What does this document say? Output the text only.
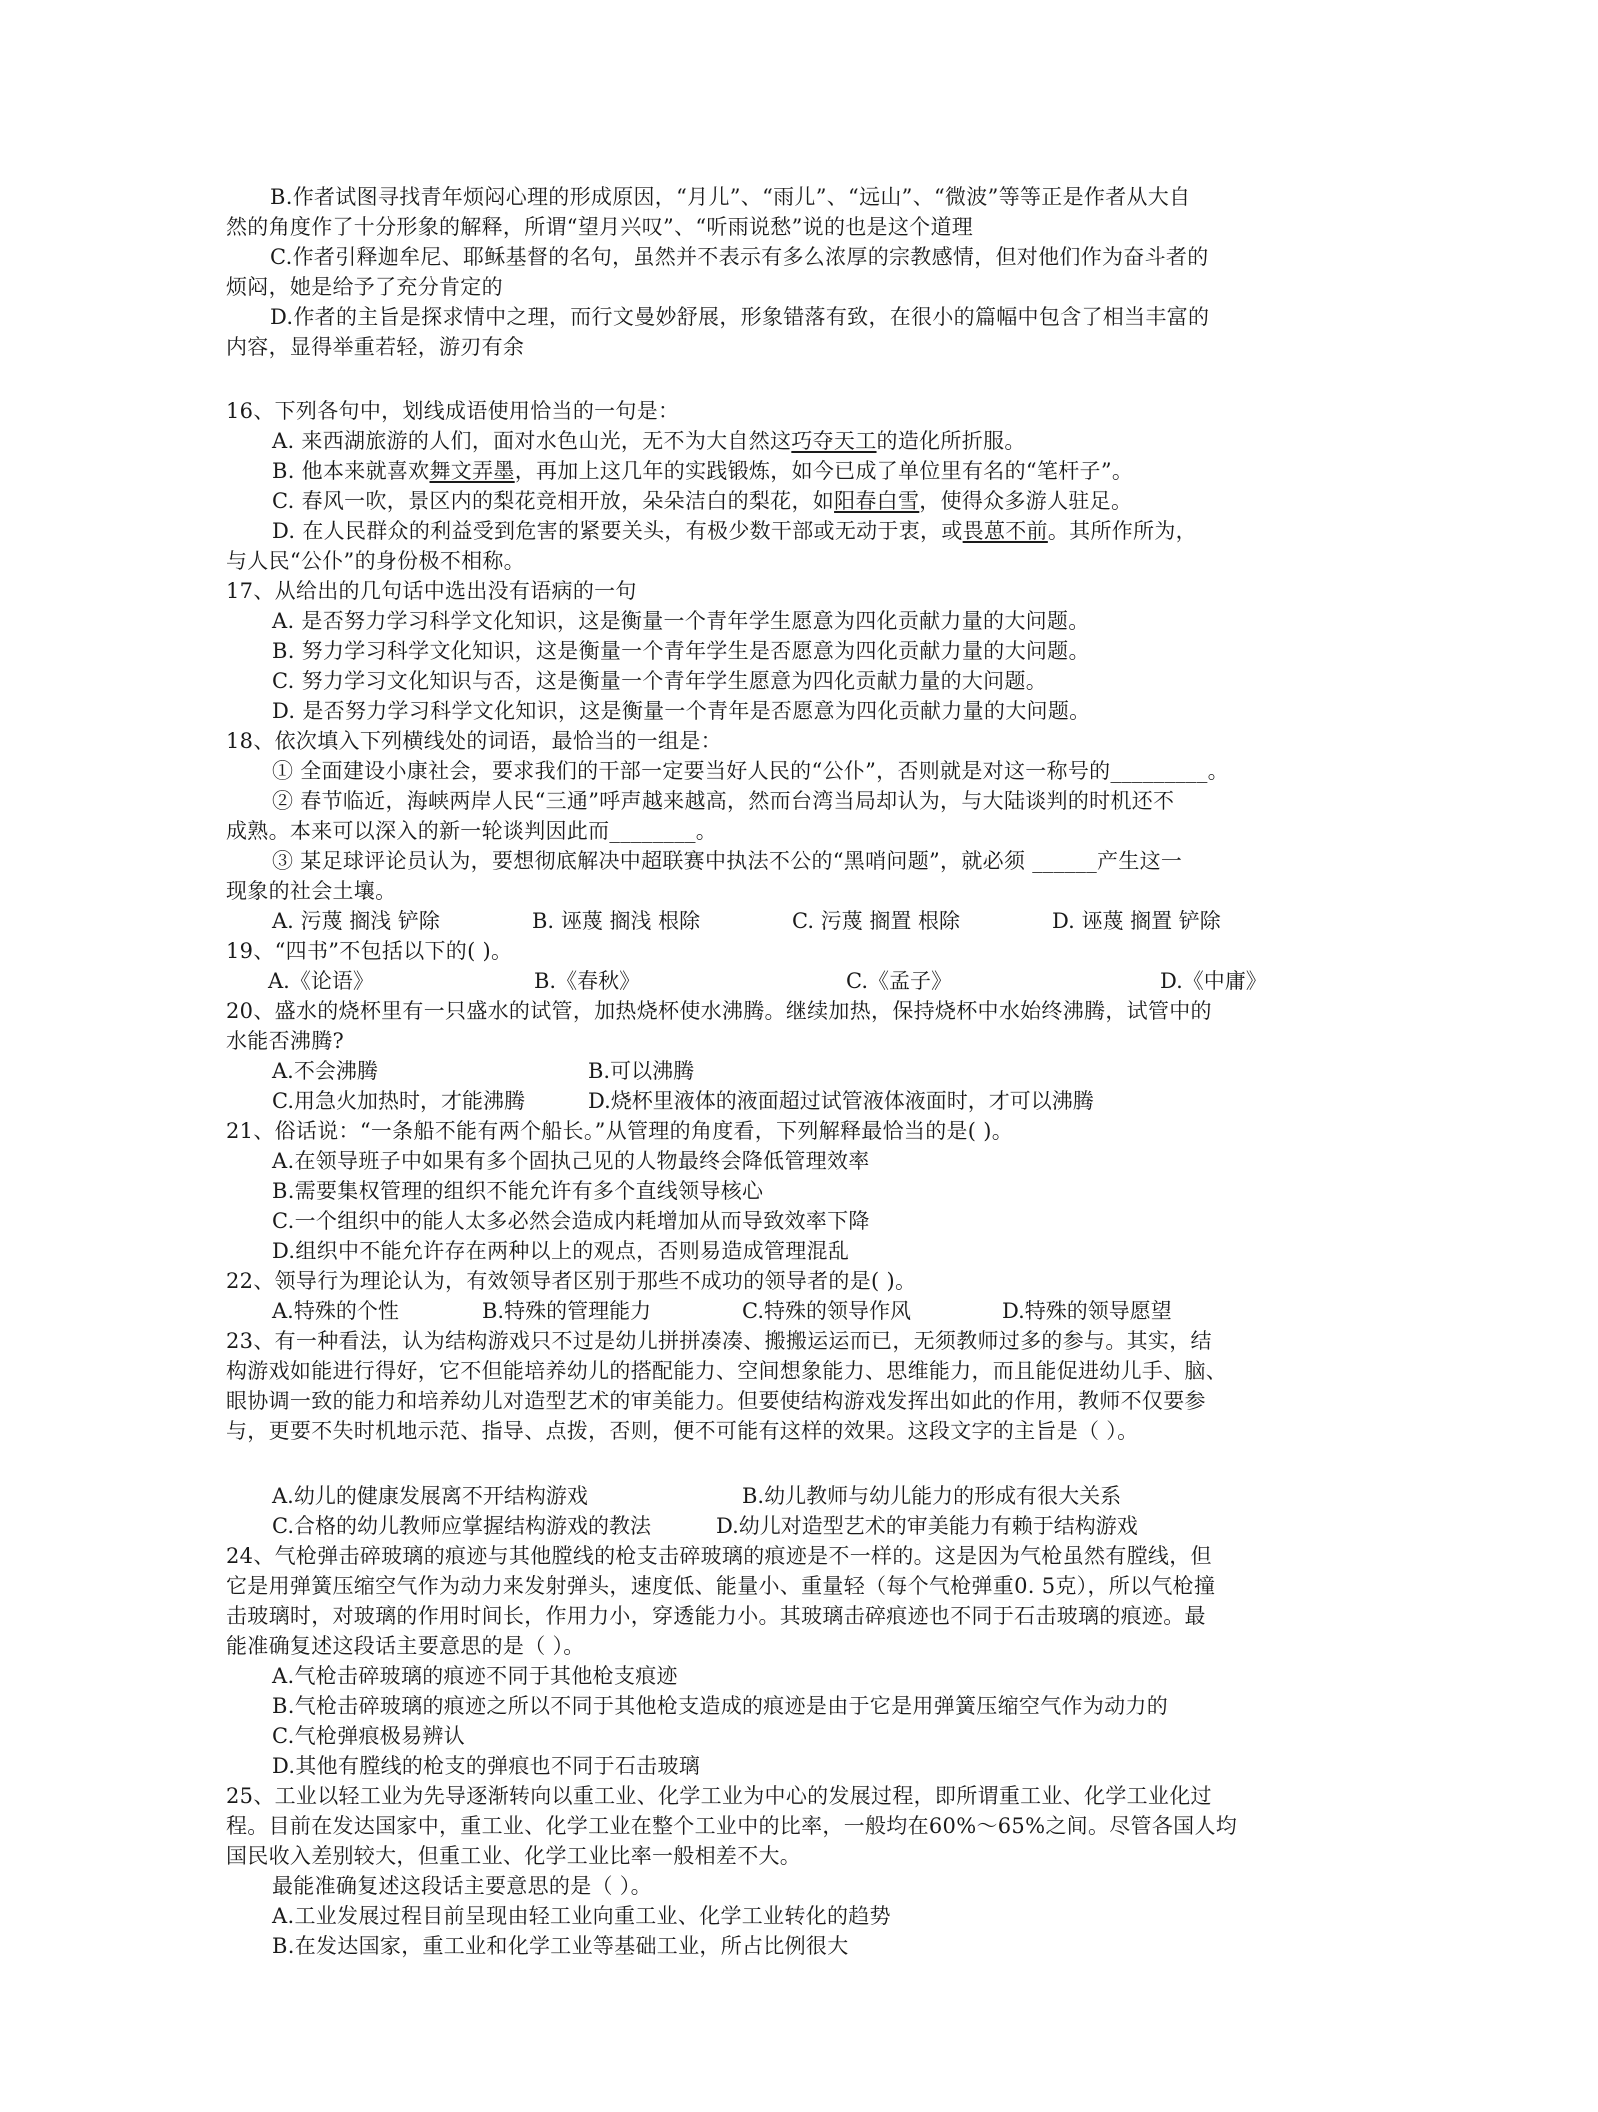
B.作者试图寻找青年烦闷心理的形成原因，“月儿”、“雨儿”、“远山”、“微波”等等正是作者从大自
然的角度作了十分形象的解释，所谓“望月兴叹”、“听雨说愁”说的也是这个道理
C.作者引释迦牟尼、耶稣基督的名句，虽然并不表示有多么浓厚的宗教感情，但对他们作为奋斗者的
烦闷，她是给予了充分肯定的
D.作者的主旨是探求情中之理，而行文曼妙舒展，形象错落有致，在很小的篇幅中包含了相当丰富的
内容，显得举重若轻，游刃有余
16、下列各句中，划线成语使用恰当的一句是：
A. 来西湖旅游的人们，面对水色山光，无不为大自然这巧夺天工的造化所折服。
B. 他本来就喜欢舞文弄墨，再加上这几年的实践锻炼，如今已成了单位里有名的“笔杆子”。
C. 春风一吹，景区内的梨花竞相开放，朵朵洁白的梨花，如阳春白雪，使得众多游人驻足。
D. 在人民群众的利益受到危害的紧要关头，有极少数干部或无动于衷，或畏葸不前。其所作所为，
与人民“公仆”的身份极不相称。
17、从给出的几句话中选出没有语病的一句
A. 是否努力学习科学文化知识，这是衡量一个青年学生愿意为四化贡献力量的大问题。
B. 努力学习科学文化知识，这是衡量一个青年学生是否愿意为四化贡献力量的大问题。
C. 努力学习文化知识与否，这是衡量一个青年学生愿意为四化贡献力量的大问题。
D. 是否努力学习科学文化知识，这是衡量一个青年是否愿意为四化贡献力量的大问题。
18、依次填入下列横线处的词语，最恰当的一组是：
① 全面建设小康社会，要求我们的干部一定要当好人民的“公仆”，否则就是对这一称号的_________。
② 春节临近，海峡两岸人民“三通”呼声越来越高，然而台湾当局却认为，与大陆谈判的时机还不
成熟。本来可以深入的新一轮谈判因此而________。
③ 某足球评论员认为，要想彻底解决中超联赛中执法不公的“黑哨问题”，就必须 ______产生这一
现象的社会土壤。
A. 污蔑 搁浅 铲除	B. 诬蔑 搁浅 根除	C. 污蔑 搁置 根除	D. 诬蔑 搁置 铲除
19、“四书”不包括以下的( )。
A.《论语》	B.《春秋》	C.《孟子》	D.《中庸》
20、盛水的烧杯里有一只盛水的试管，加热烧杯使水沸腾。继续加热，保持烧杯中水始终沸腾，试管中的
水能否沸腾?
A.不会沸腾	B.可以沸腾
C.用急火加热时，才能沸腾	D.烧杯里液体的液面超过试管液体液面时，才可以沸腾
21、俗话说：“一条船不能有两个船长。”从管理的角度看，下列解释最恰当的是( )。
A.在领导班子中如果有多个固执己见的人物最终会降低管理效率
B.需要集权管理的组织不能允许有多个直线领导核心
C.一个组织中的能人太多必然会造成内耗增加从而导致效率下降
D.组织中不能允许存在两种以上的观点，否则易造成管理混乱
22、领导行为理论认为，有效领导者区别于那些不成功的领导者的是( )。
A.特殊的个性	B.特殊的管理能力	C.特殊的领导作风	D.特殊的领导愿望
23、有一种看法，认为结构游戏只不过是幼儿拼拼凑凑、搬搬运运而已，无须教师过多的参与。其实，结
构游戏如能进行得好，它不但能培养幼儿的搭配能力、空间想象能力、思维能力，而且能促进幼儿手、脑、
眼协调一致的能力和培养幼儿对造型艺术的审美能力。但要使结构游戏发挥出如此的作用，教师不仅要参
与，更要不失时机地示范、指导、点拨，否则，便不可能有这样的效果。这段文字的主旨是（ ）。
A.幼儿的健康发展离不开结构游戏	B.幼儿教师与幼儿能力的形成有很大关系
C.合格的幼儿教师应掌握结构游戏的教法	D.幼儿对造型艺术的审美能力有赖于结构游戏
24、气枪弹击碎玻璃的痕迹与其他膛线的枪支击碎玻璃的痕迹是不一样的。这是因为气枪虽然有膛线，但
它是用弹簧压缩空气作为动力来发射弹头，速度低、能量小、重量轻（每个气枪弹重0. 5克），所以气枪撞
击玻璃时，对玻璃的作用时间长，作用力小，穿透能力小。其玻璃击碎痕迹也不同于石击玻璃的痕迹。最
能准确复述这段话主要意思的是（ ）。
A.气枪击碎玻璃的痕迹不同于其他枪支痕迹
B.气枪击碎玻璃的痕迹之所以不同于其他枪支造成的痕迹是由于它是用弹簧压缩空气作为动力的
C.气枪弹痕极易辨认
D.其他有膛线的枪支的弹痕也不同于石击玻璃
25、工业以轻工业为先导逐渐转向以重工业、化学工业为中心的发展过程，即所谓重工业、化学工业化过
程。目前在发达国家中，重工业、化学工业在整个工业中的比率，一般均在60%～65%之间。尽管各国人均
国民收入差别较大，但重工业、化学工业比率一般相差不大。
最能准确复述这段话主要意思的是（ ）。
A.工业发展过程目前呈现由轻工业向重工业、化学工业转化的趋势
B.在发达国家，重工业和化学工业等基础工业，所占比例很大
